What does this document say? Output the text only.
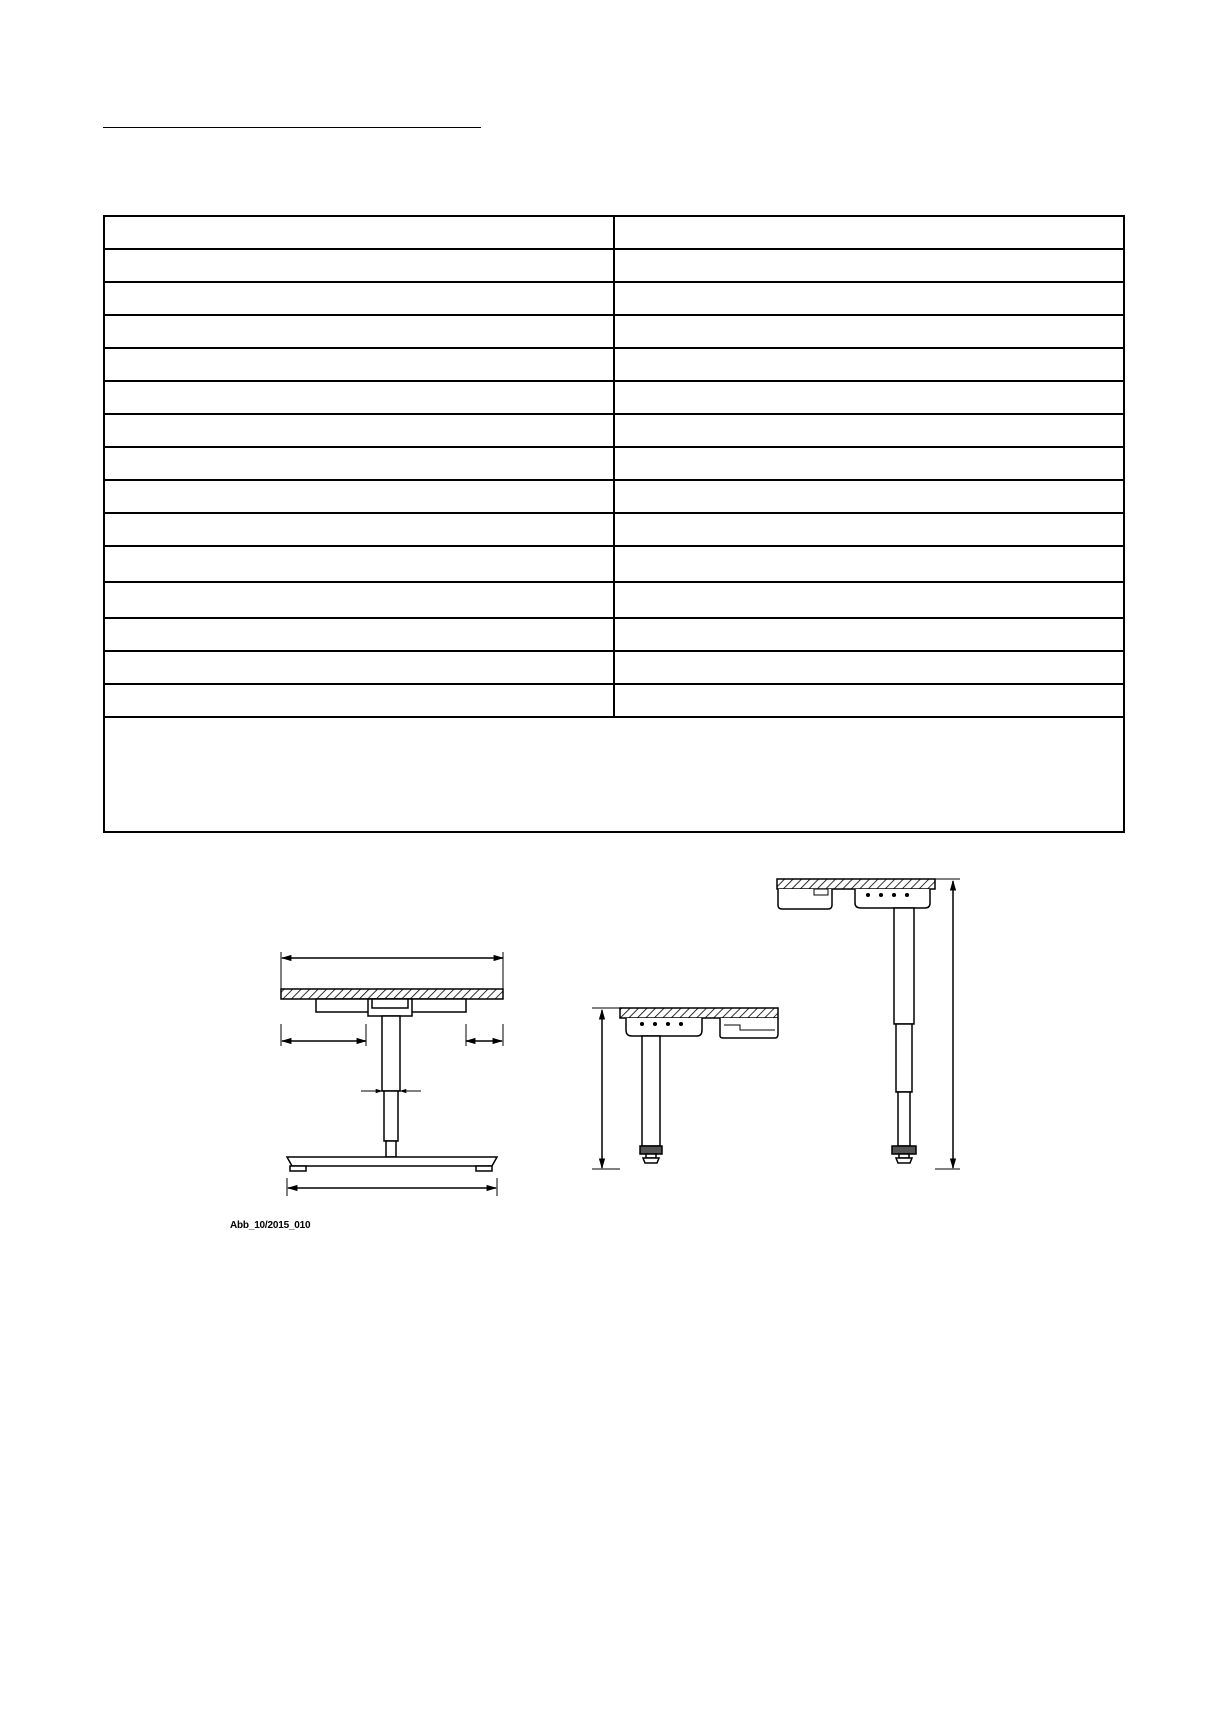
Abb_10/2015_010
